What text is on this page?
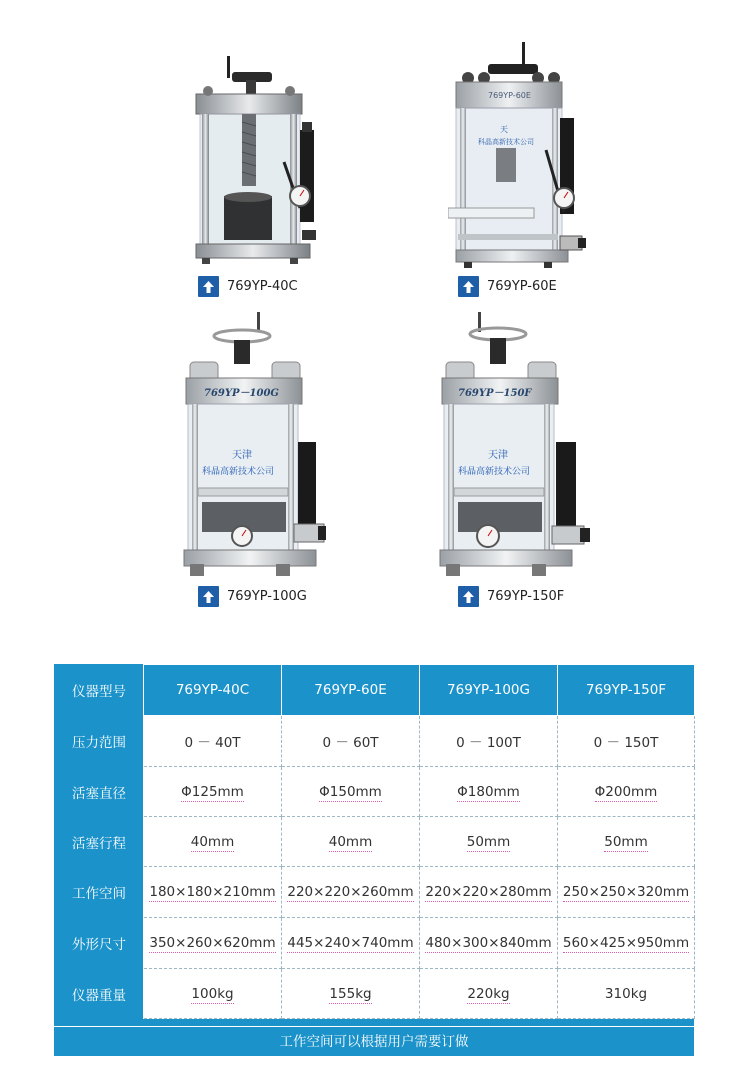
769YP-40C
769YP-60E
天
科晶高新技术公司
769YP-60E
769YP－100G
天津
科晶高新技术公司
769YP-100G
769YP－150F
天津
科晶高新技术公司
769YP-150F
仪器型号	769YP-40C	769YP-60E	769YP-100G	769YP-150F
压力范围	0 － 40T	0 － 60T	0 － 100T	0 － 150T
活塞直径	Φ125mm	Φ150mm	Φ180mm	Φ200mm
活塞行程	40mm	40mm	50mm	50mm
工作空间	180×180×210mm	220×220×260mm	220×220×280mm	250×250×320mm
外形尺寸	350×260×620mm	445×240×740mm	480×300×840mm	560×425×950mm
仪器重量	100kg	155kg	220kg	310kg
工作空间可以根据用户需要订做
